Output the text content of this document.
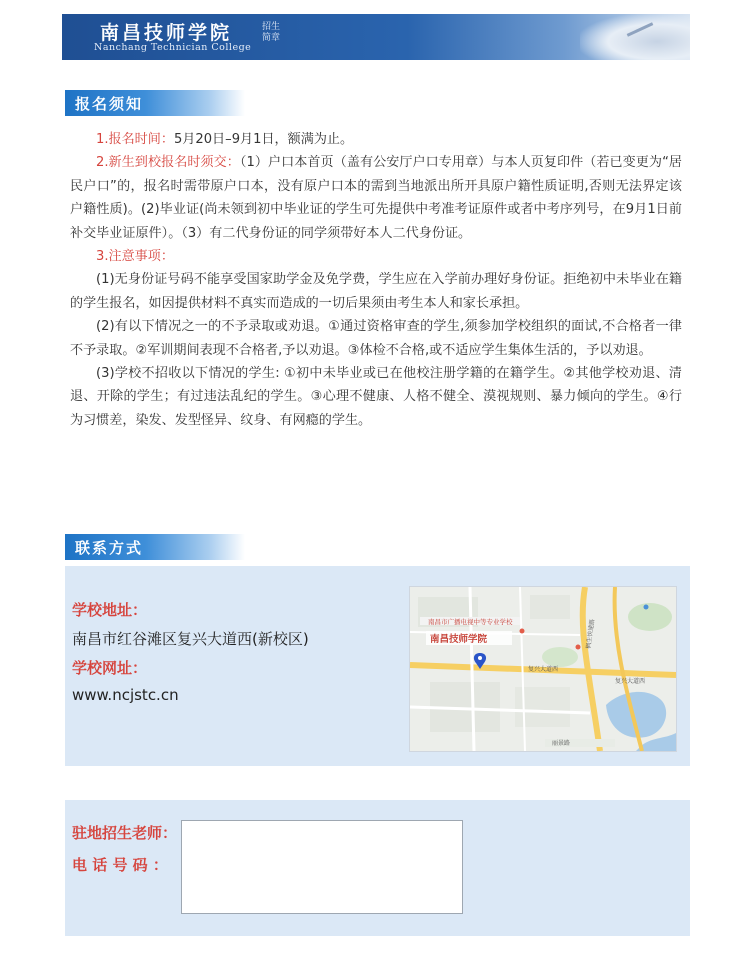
南昌技师学院
Nanchang Technician College
招生简章
报名须知

1.报名时间：5月20日–9月1日，额满为止。

2.新生到校报名时须交：（1）户口本首页（盖有公安厅户口专用章）与本人页复印件（若已变更为“居民户口”的，报名时需带原户口本，没有原户口本的需到当地派出所开具原户籍性质证明,否则无法界定该户籍性质)。(2)毕业证(尚未领到初中毕业证的学生可先提供中考准考证原件或者中考序列号，在9月1日前补交毕业证原件）。（3）有二代身份证的同学须带好本人二代身份证。

3.注意事项：

(1)无身份证号码不能享受国家助学金及免学费，学生应在入学前办理好身份证。拒绝初中未毕业在籍的学生报名，如因提供材料不真实而造成的一切后果须由考生本人和家长承担。

(2)有以下情况之一的不予录取或劝退。①通过资格审查的学生,须参加学校组织的面试,不合格者一律不予录取。②军训期间表现不合格者,予以劝退。③体检不合格,或不适应学生集体生活的，予以劝退。

(3)学校不招收以下情况的学生: ①初中未毕业或已在他校注册学籍的在籍学生。②其他学校劝退、清退、开除的学生；有过违法乱纪的学生。③心理不健康、人格不健全、漠视规则、暴力倾向的学生。④行为习惯差，染发、发型怪异、纹身、有网瘾的学生。

联系方式
学校地址：
南昌市红谷滩区复兴大道西(新校区)
学校网址：
www.ncjstc.cn
南昌市广播电视中等专业学校
南昌技师学院
复兴大道西
枫生快速路
复兴大道西
丽景路
驻地招生老师：
电 话 号 码 ：
